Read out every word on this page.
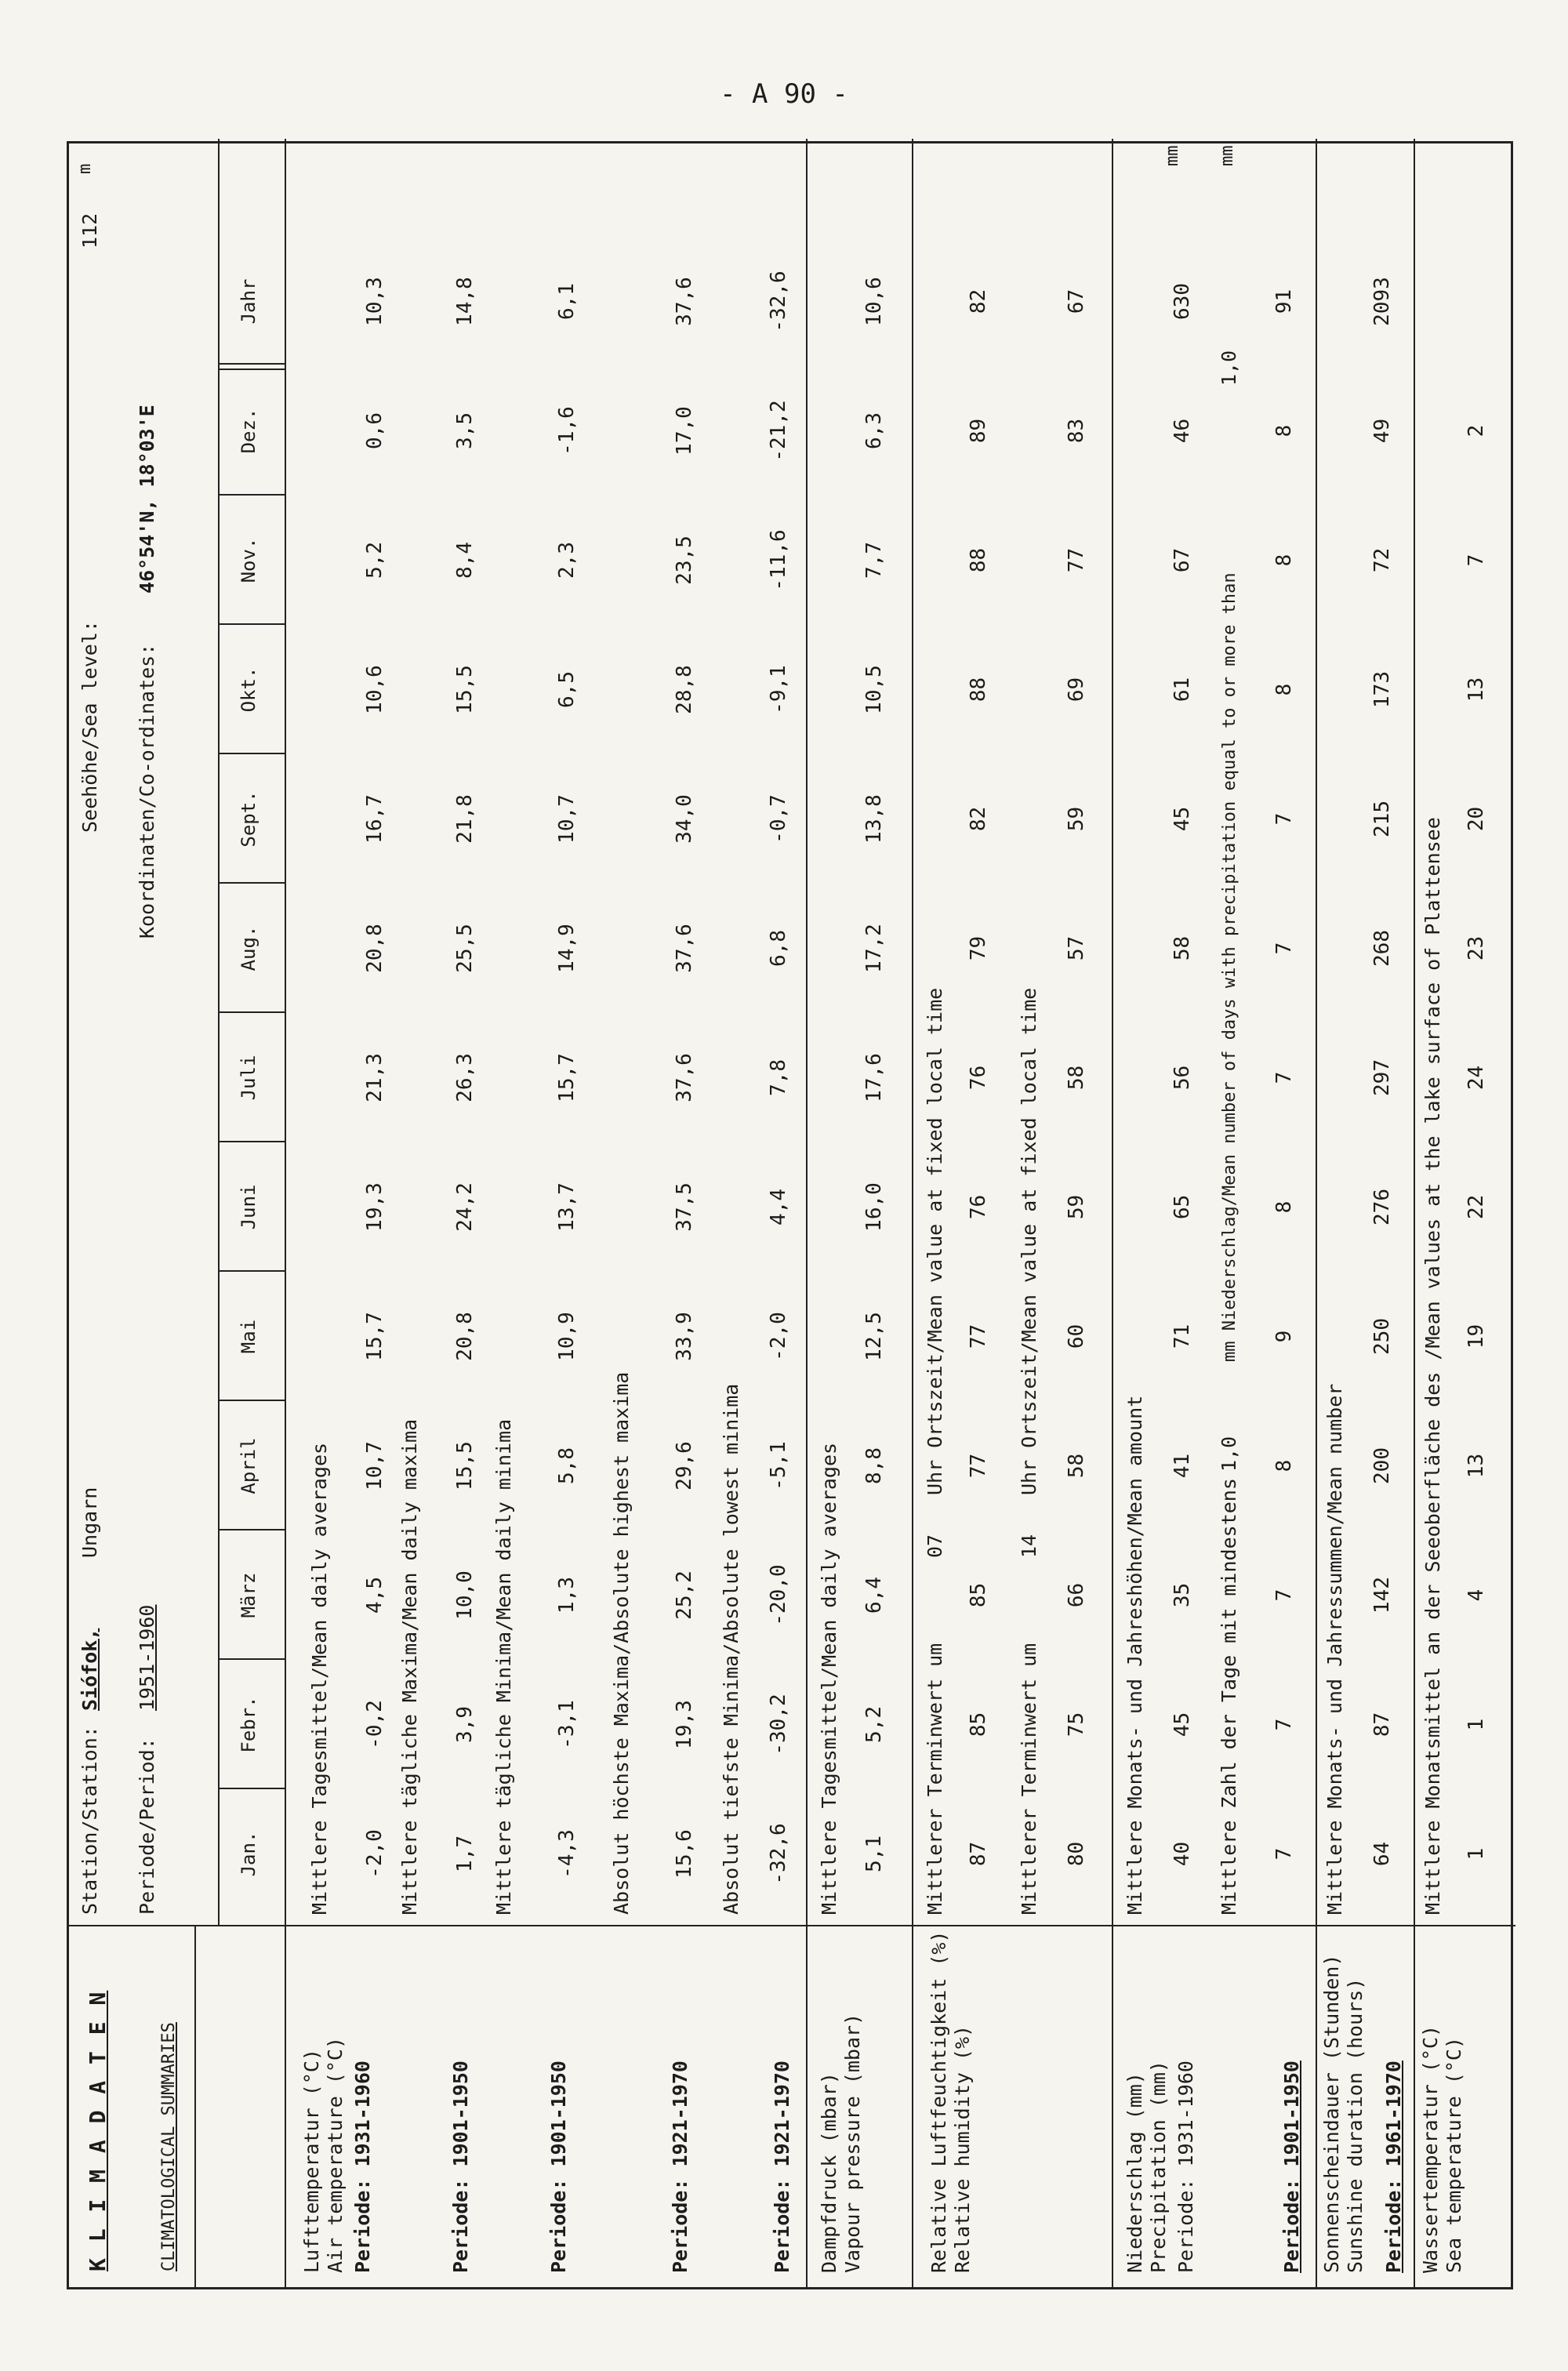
- A 90 -
K L I M A D A T E N	CLIMATOLOGICAL SUMMARIES
Station/Station:
Siófok,
Ungarn
Periode/Period:
1951-1960
Seehöhe/Sea level:
112
m
Koordinaten/Co-ordinates:
46°54'N, 18°03'E
Jan.
Febr.
März
April
Mai
Juni
Juli
Aug.
Sept.
Okt.
Nov.
Dez.
Jahr
Lufttemperatur (°C) Air temperature (°C) Periode: 1931-1960
Mittlere Tagesmittel/Mean daily averages -2,0
-0,2
4,5
10,7
15,7
19,3
21,3
20,8
16,7
10,6
5,2
0,6
10,3
Periode: 1901-1950
Mittlere tägliche Maxima/Mean daily maxima 1,7
3,9
10,0
15,5
20,8
24,2
26,3
25,5
21,8
15,5
8,4
3,5
14,8
Periode: 1901-1950
Mittlere tägliche Minima/Mean daily minima -4,3
-3,1
1,3
5,8
10,9
13,7
15,7
14,9
10,7
6,5
2,3
-1,6
6,1
Periode: 1921-1970
Absolut höchste Maxima/Absolute highest maxima 15,6
19,3
25,2
29,6
33,9
37,5
37,6
37,6
34,0
28,8
23,5
17,0
37,6
Periode: 1921-1970
Absolut tiefste Minima/Absolute lowest minima -32,6
-30,2
-20,0
-5,1
-2,0
4,4
7,8
6,8
-0,7
-9,1
-11,6
-21,2
-32,6
Dampfdruck (mbar) Vapour pressure (mbar)
Mittlere Tagesmittel/Mean daily averages 5,1
5,2
6,4
8,8
12,5
16,0
17,6
17,2
13,8
10,5
7,7
6,3
10,6
Relative Luftfeuchtigkeit (%) Relative humidity (%)
Mittlerer Terminwert um
07
Uhr Ortszeit/Mean value at fixed local time
87
85
85
77
77
76
76
79
82
88
88
89
82
Mittlerer Terminwert um
14
Uhr Ortszeit/Mean value at fixed local time
80
75
66
58
60
59
58
57
59
69
77
83
67
Niederschlag (mm) Precipitation (mm) Periode: 1931-1960
Mittlere Monats- und Jahreshöhen/Mean amount 40
45
35
41
71
65
56
58
45
61
67
46
630
mm
Mittlere Zahl der Tage mit mindestens
1,0
mm Niederschlag/Mean number of days with precipitation equal to or more than
1,0
mm
Periode: 1901-1950
7
7
7
8
9
8
7
7
7
8
8
8
91
Sonnenscheindauer (Stunden) Sunshine duration (hours) Periode: 1961-1970
Mittlere Monats- und Jahressummen/Mean number 64
87
142
200
250
276
297
268
215
173
72
49
2093
Wassertemperatur (°C) Sea temperature (°C)
Mittlere Monatsmittel an der Seeoberfläche des /Mean values at the lake surface of Plattensee 1
1
4
13
19
22
24
23
20
13
7
2
